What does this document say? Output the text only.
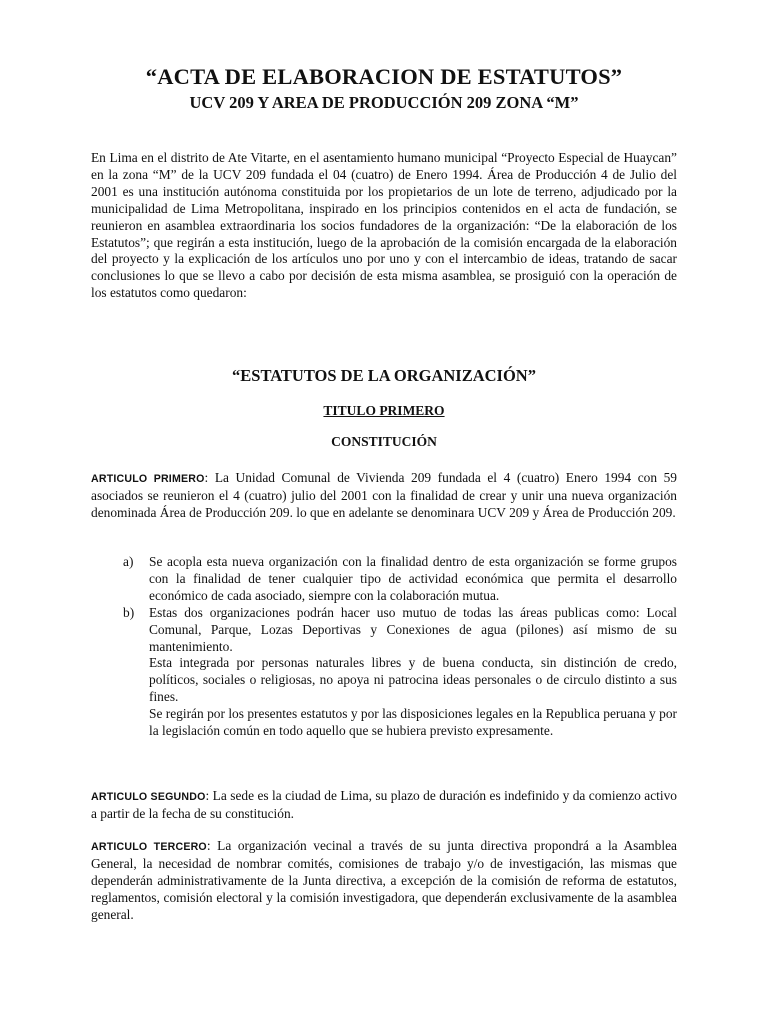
“ACTA DE ELABORACION DE ESTATUTOS”
UCV 209 Y AREA DE PRODUCCIÓN 209 ZONA “M”

En Lima en el distrito de Ate Vitarte, en el asentamiento humano municipal “Proyecto Especial de Huaycan” en la zona “M” de la UCV 209 fundada el 04 (cuatro) de Enero 1994. Área de Producción 4 de Julio del 2001 es una institución autónoma constituida por los propietarios de un lote de terreno, adjudicado por la municipalidad de Lima Metropolitana, inspirado en los principios contenidos en el acta de fundación, se reunieron en asamblea extraordinaria los socios fundadores de la organización: “De la elaboración de los Estatutos”; que regirán a esta institución, luego de la aprobación de la comisión encargada de la elaboración del proyecto y la explicación de los artículos uno por uno y con el intercambio de ideas, tratando de sacar conclusiones lo que se llevo a cabo por decisión de esta misma asamblea, se prosiguió con la operación de los estatutos como quedaron:

“ESTATUTOS DE LA ORGANIZACIÓN”
TITULO PRIMERO
CONSTITUCIÓN

ARTICULO PRIMERO: La Unidad Comunal de Vivienda 209 fundada el 4 (cuatro) Enero 1994 con 59 asociados se reunieron el 4 (cuatro) julio del 2001 con la finalidad de crear y unir una nueva organización denominada Área de Producción 209. lo que en adelante se denominara UCV 209 y Área de Producción 209.

a) Se acopla esta nueva organización con la finalidad dentro de esta organización se forme grupos con la finalidad de tener cualquier tipo de actividad económica que permita el desarrollo económico de cada asociado, siempre con la colaboración mutua.

b) Estas dos organizaciones podrán hacer uso mutuo de todas las áreas publicas como: Local Comunal, Parque, Lozas Deportivas y Conexiones de agua (pilones) así mismo de su mantenimiento.

Esta integrada por personas naturales libres y de buena conducta, sin distinción de credo, políticos, sociales o religiosas, no apoya ni patrocina ideas personales o de circulo distinto a sus fines.

Se regirán por los presentes estatutos y por las disposiciones legales en la Republica peruana y por la legislación común en todo aquello que se hubiera previsto expresamente.

ARTICULO SEGUNDO: La sede es la ciudad de Lima, su plazo de duración es indefinido y da comienzo activo a partir de la fecha de su constitución.

ARTICULO TERCERO: La organización vecinal a través de su junta directiva propondrá a la Asamblea General, la necesidad de nombrar comités, comisiones de trabajo y/o de investigación, las mismas que dependerán administrativamente de la Junta directiva, a excepción de la comisión de reforma de estatutos, reglamentos, comisión electoral y la comisión investigadora, que dependerán exclusivamente de la asamblea general.
